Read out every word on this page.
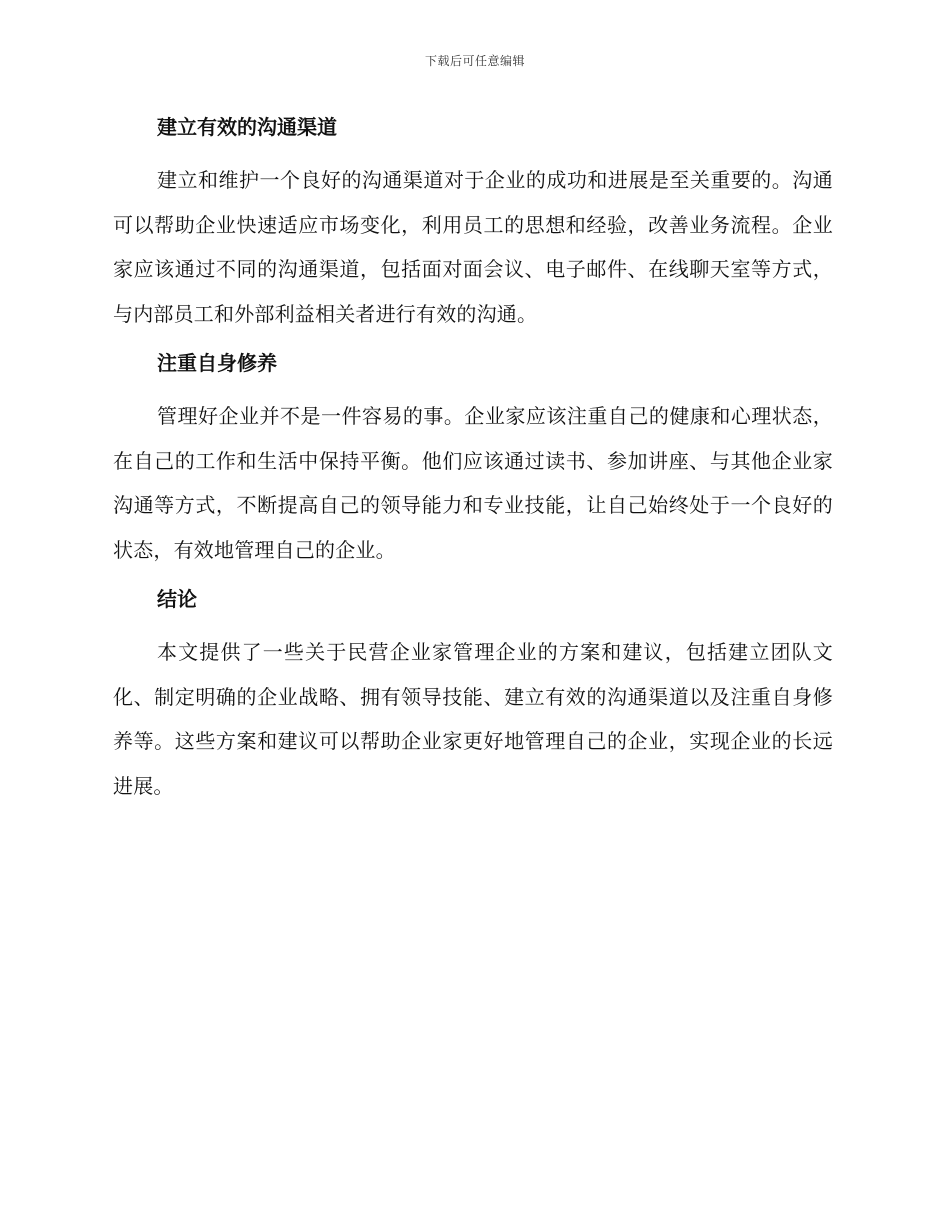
下载后可任意编辑
建立有效的沟通渠道

建立和维护一个良好的沟通渠道对于企业的成功和进展是至关重要的。沟通可以帮助企业快速适应市场变化，利用员工的思想和经验，改善业务流程。企业家应该通过不同的沟通渠道，包括面对面会议、电子邮件、在线聊天室等方式，与内部员工和外部利益相关者进行有效的沟通。

注重自身修养

管理好企业并不是一件容易的事。企业家应该注重自己的健康和心理状态，在自己的工作和生活中保持平衡。他们应该通过读书、参加讲座、与其他企业家沟通等方式，不断提高自己的领导能力和专业技能，让自己始终处于一个良好的状态，有效地管理自己的企业。

结论

本文提供了一些关于民营企业家管理企业的方案和建议，包括建立团队文化、制定明确的企业战略、拥有领导技能、建立有效的沟通渠道以及注重自身修养等。这些方案和建议可以帮助企业家更好地管理自己的企业，实现企业的长远进展。
